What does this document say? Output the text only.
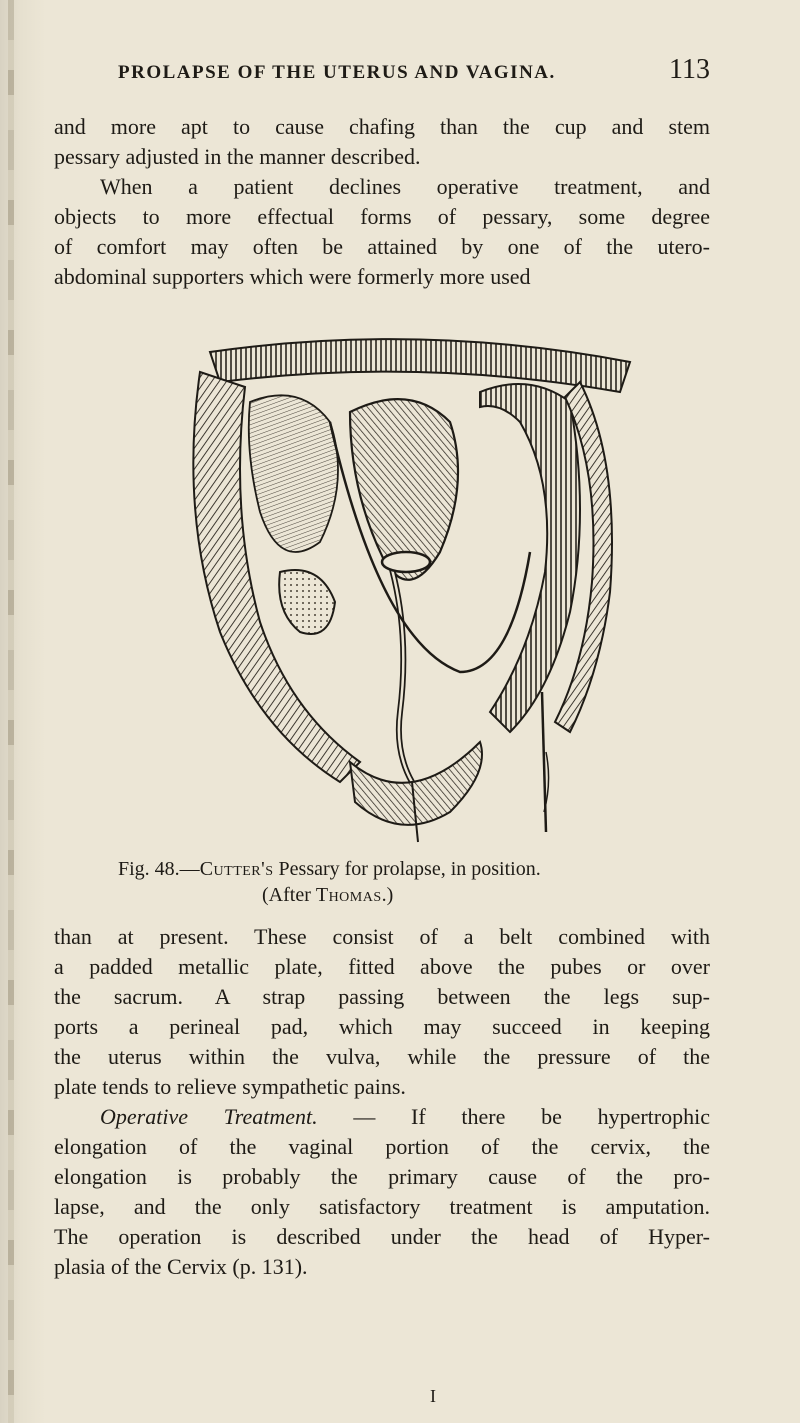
PROLAPSE OF THE UTERUS AND VAGINA.	113

and more apt to cause chafing than the cup and stem
pessary adjusted in the manner described.

When a patient declines operative treatment, and
objects to more effectual forms of pessary, some degree
of comfort may often be attained by one of the utero-
abdominal supporters which were formerly more used

Fig. 48.—Cutter's Pessary for prolapse, in position.
(After Thomas.)

than at present. These consist of a belt combined with
a padded metallic plate, fitted above the pubes or over
the sacrum. A strap passing between the legs sup-
ports a perineal pad, which may succeed in keeping
the uterus within the vulva, while the pressure of the
plate tends to relieve sympathetic pains.

Operative Treatment. — If there be hypertrophic
elongation of the vaginal portion of the cervix, the
elongation is probably the primary cause of the pro-
lapse, and the only satisfactory treatment is amputation.
The operation is described under the head of Hyper-
plasia of the Cervix (p. 131).

I
